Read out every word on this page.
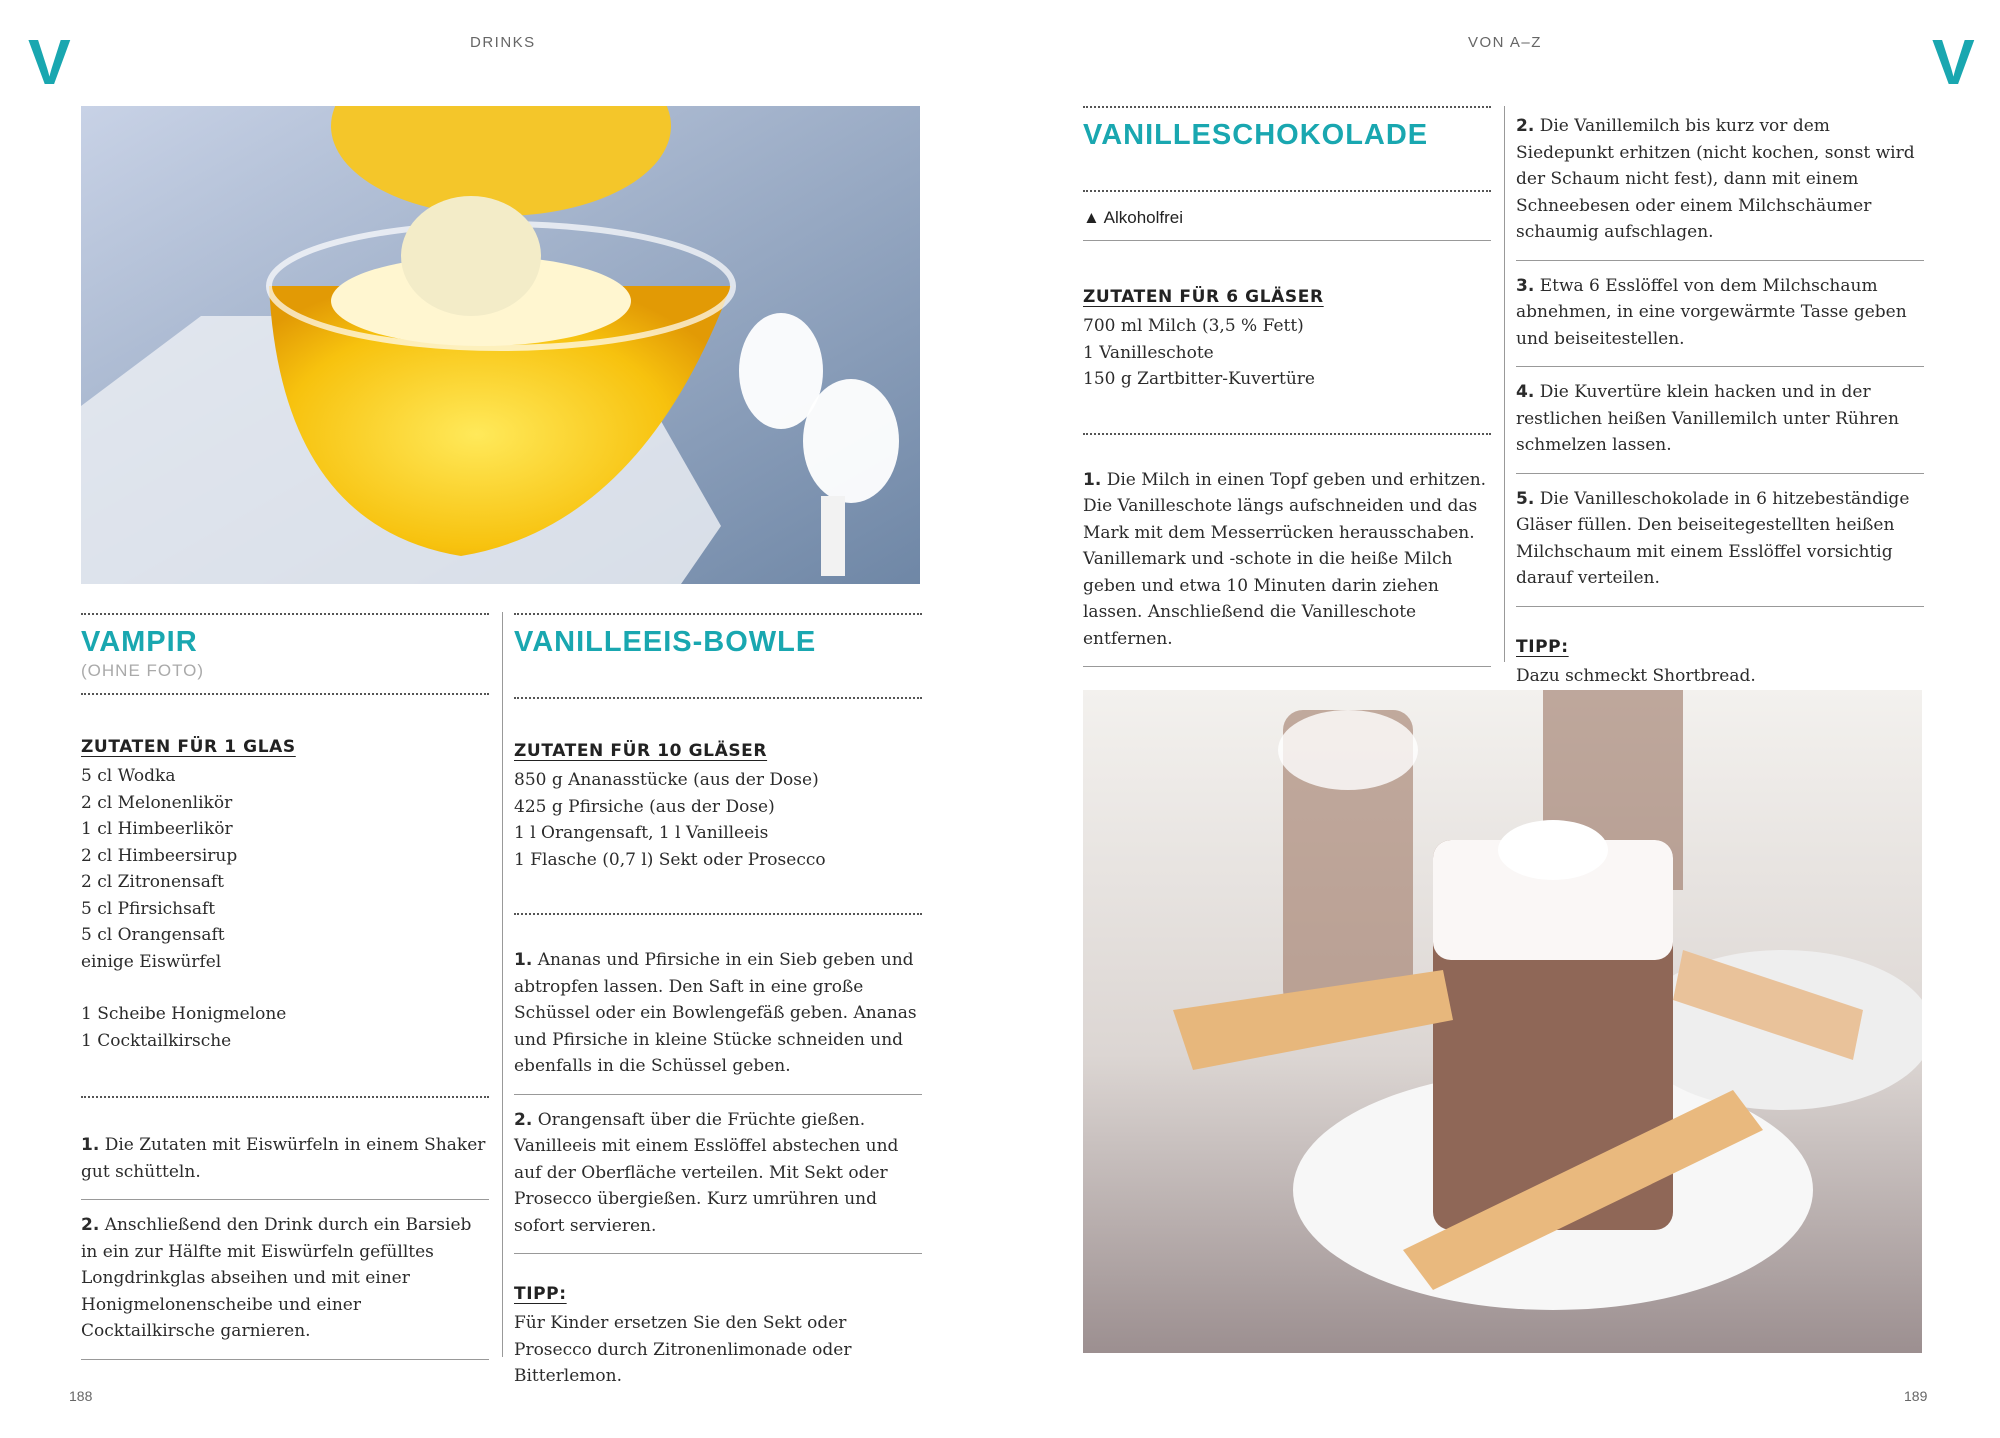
V	V
DRINKS	VON A–Z
188	189
VAMPIR
(OHNE FOTO)
ZUTATEN FÜR 1 GLAS

5 cl Wodka

2 cl Melonenlikör

1 cl Himbeerlikör

2 cl Himbeersirup

2 cl Zitronensaft

5 cl Pfirsichsaft

5 cl Orangensaft

einige Eiswürfel

1 Scheibe Honigmelone

1 Cocktailkirsche

1. Die Zutaten mit Eiswürfeln in einem Shaker gut schütteln.

2. Anschließend den Drink durch ein Barsieb in ein zur Hälfte mit Eiswürfeln gefülltes Longdrinkglas abseihen und mit einer Honigmelonenscheibe und einer Cocktailkirsche garnieren.

VANILLEEIS-BOWLE
ZUTATEN FÜR 10 GLÄSER

850 g Ananasstücke (aus der Dose)

425 g Pfirsiche (aus der Dose)

1 l Orangensaft, 1 l Vanilleeis

1 Flasche (0,7 l) Sekt oder Prosecco

1. Ananas und Pfirsiche in ein Sieb geben und abtropfen lassen. Den Saft in eine große Schüssel oder ein Bowlengefäß geben. Ananas und Pfirsiche in kleine Stücke schneiden und ebenfalls in die Schüssel geben.

2. Orangensaft über die Früchte gießen. Vanilleeis mit einem Esslöffel abstechen und auf der Oberfläche verteilen. Mit Sekt oder Prosecco übergießen. Kurz umrühren und sofort servieren.

TIPP:

Für Kinder ersetzen Sie den Sekt oder Prosecco durch Zitronenlimonade oder Bitterlemon.

VANILLESCHOKOLADE
▲ Alkoholfrei
ZUTATEN FÜR 6 GLÄSER

700 ml Milch (3,5 % Fett)

1 Vanilleschote

150 g Zartbitter-Kuvertüre

1. Die Milch in einen Topf geben und erhitzen. Die Vanilleschote längs aufschneiden und das Mark mit dem Messerrücken herausschaben. Vanillemark und -schote in die heiße Milch geben und etwa 10 Minuten darin ziehen lassen. Anschließend die Vanilleschote entfernen.

2. Die Vanillemilch bis kurz vor dem Siedepunkt erhitzen (nicht kochen, sonst wird der Schaum nicht fest), dann mit einem Schneebesen oder einem Milchschäumer schaumig aufschlagen.

3. Etwa 6 Esslöffel von dem Milchschaum abnehmen, in eine vorgewärmte Tasse geben und beiseitestellen.

4. Die Kuvertüre klein hacken und in der restlichen heißen Vanillemilch unter Rühren schmelzen lassen.

5. Die Vanilleschokolade in 6 hitzebeständige Gläser füllen. Den beiseitegestellten heißen Milchschaum mit einem Esslöffel vorsichtig darauf verteilen.

TIPP:

Dazu schmeckt Shortbread.
